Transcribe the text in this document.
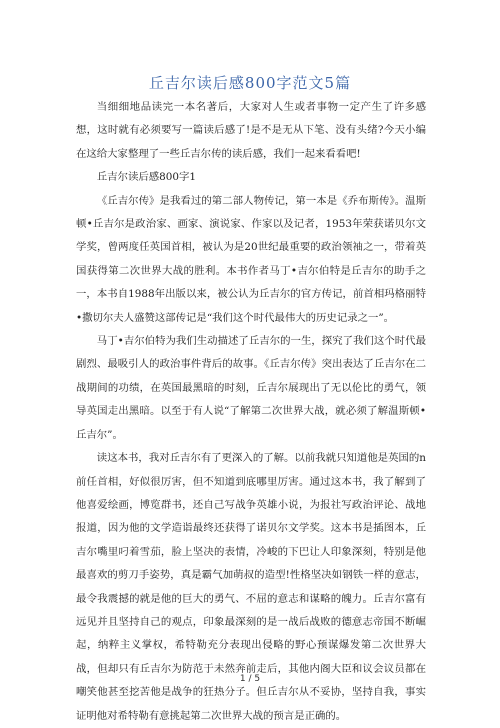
丘吉尔读后感800字范文5篇

当细细地品读完一本名著后，大家对人生或者事物一定产生了许多感想，这时就有必须要写一篇读后感了!是不是无从下笔、没有头绪?今天小编在这给大家整理了一些丘吉尔传的读后感，我们一起来看看吧!

丘吉尔读后感800字1

《丘吉尔传》是我看过的第二部人物传记，第一本是《乔布斯传》。温斯顿•丘吉尔是政治家、画家、演说家、作家以及记者，1953年荣获诺贝尔文学奖，曾两度任英国首相，被认为是20世纪最重要的政治领袖之一，带着英国获得第二次世界大战的胜利。本书作者马丁•吉尔伯特是丘吉尔的助手之一，本书自1988年出版以来，被公认为丘吉尔的官方传记，前首相玛格丽特•撒切尔夫人盛赞这部传记是“我们这个时代最伟大的历史记录之一”。

马丁•吉尔伯特为我们生动描述了丘吉尔的一生，探究了我们这个时代最剧烈、最吸引人的政治事件背后的故事。《丘吉尔传》突出表达了丘吉尔在二战期间的功绩，在英国最黑暗的时刻，丘吉尔展现出了无以伦比的勇气，领导英国走出黑暗。以至于有人说“了解第二次世界大战，就必须了解温斯顿•丘吉尔”。

读这本书，我对丘吉尔有了更深入的了解。以前我就只知道他是英国的n前任首相，好似很厉害，但不知道到底哪里厉害。通过这本书，我了解到了他喜爱绘画，博览群书，还自己写战争英雄小说，为报社写政治评论、战地报道，因为他的文学造诣最终还获得了诺贝尔文学奖。这本书是插图本，丘吉尔嘴里叼着雪茄，脸上坚决的表情，冷峻的下巴让人印象深刻，特别是他最喜欢的剪刀手姿势，真是霸气加萌叔的造型!性格坚决如钢铁一样的意志，最令我震撼的就是他的巨大的勇气、不屈的意志和谋略的魄力。丘吉尔富有远见并且坚持自己的观点，印象最深刻的是一战后战败的德意志帝国不断崛起，纳粹主义掌权，希特勒充分表现出侵略的野心预谋爆发第二次世界大战，但却只有丘吉尔为防范于未然奔前走后，其他内阁大臣和议会议员都在嘲笑他甚至挖苦他是战争的狂热分子。但丘吉尔从不妥协，坚持自我，事实证明他对希特勒有意挑起第二次世界大战的预言是正确的。

1 / 5
